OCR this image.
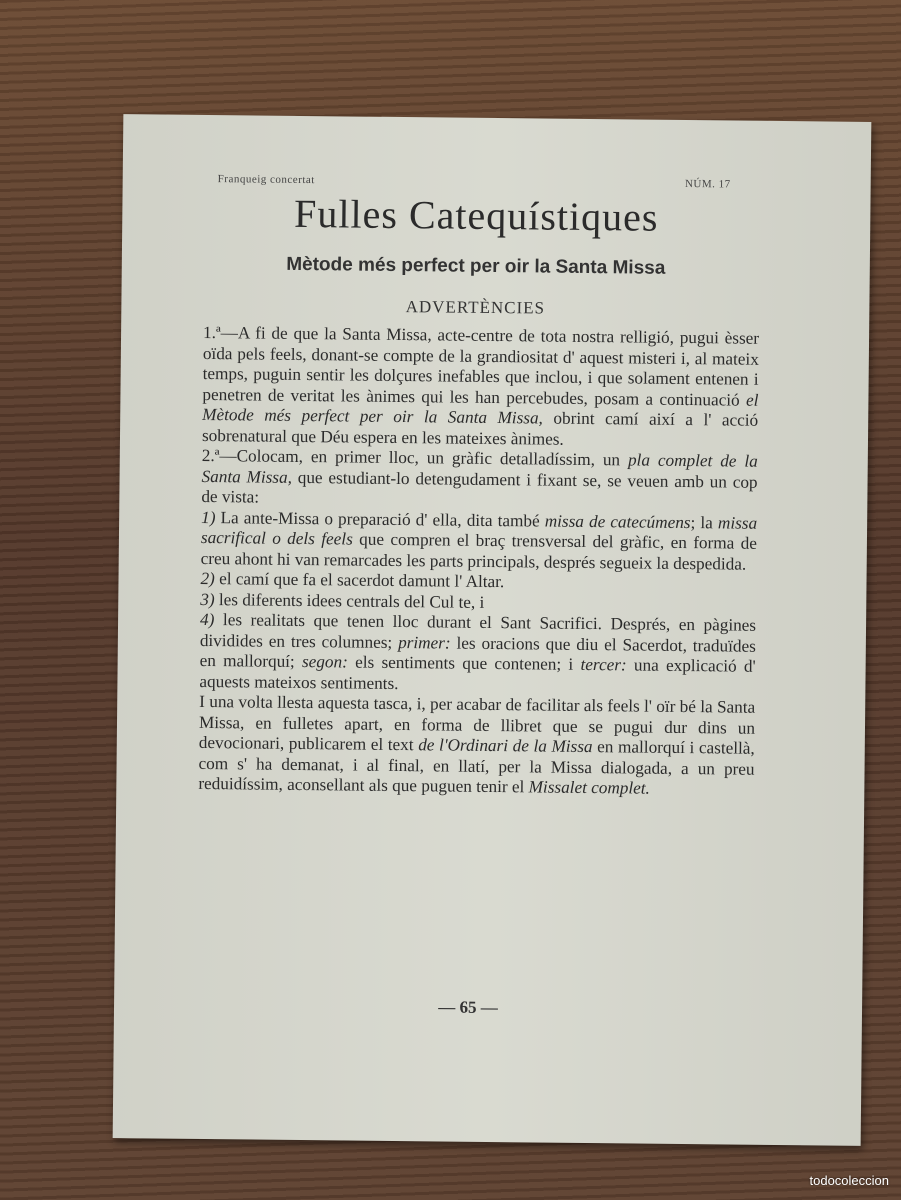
Franqueig concertat	NÚM. 17
Fulles Catequístiques
Mètode més perfect per oir la Santa Missa
ADVERTÈNCIES

1.ª—A fi de que la Santa Missa, acte-centre de tota nostra relligió, pugui èsser oïda pels feels, donant-se compte de la grandiositat d' aquest misteri i, al mateix temps, puguin sentir les dolçures inefables que inclou, i que solament entenen i penetren de veritat les ànimes qui les han percebudes, posam a continuació el Mètode més perfect per oir la Santa Missa, obrint camí així a l' acció sobrenatural que Déu espera en les mateixes ànimes.

2.ª—Colocam, en primer lloc, un gràfic detalladíssim, un pla complet de la Santa Missa, que estudiant-lo detengudament i fixant se, se veuen amb un cop de vista:

1) La ante-Missa o preparació d' ella, dita també missa de catecúmens; la missa sacrifical o dels feels que compren el braç trensversal del gràfic, en forma de creu ahont hi van remarcades les parts principals, després segueix la despedida.

2) el camí que fa el sacerdot damunt l' Altar.

3) les diferents idees centrals del Cul te, i

4) les realitats que tenen lloc durant el Sant Sacrifici. Després, en pàgines dividides en tres columnes; primer: les oracions que diu el Sacerdot, traduïdes en mallorquí; segon: els sentiments que contenen; i tercer: una explicació d' aquests mateixos sentiments.

I una volta llesta aquesta tasca, i, per acabar de facilitar als feels l' oïr bé la Santa Missa, en fulletes apart, en forma de llibret que se pugui dur dins un devocionari, publicarem el text de l'Ordinari de la Missa en mallorquí i castellà, com s' ha demanat, i al final, en llatí, per la Missa dialogada, a un preu reduidíssim, aconsellant als que puguen tenir el Missalet complet.

— 65 —
todocoleccion
